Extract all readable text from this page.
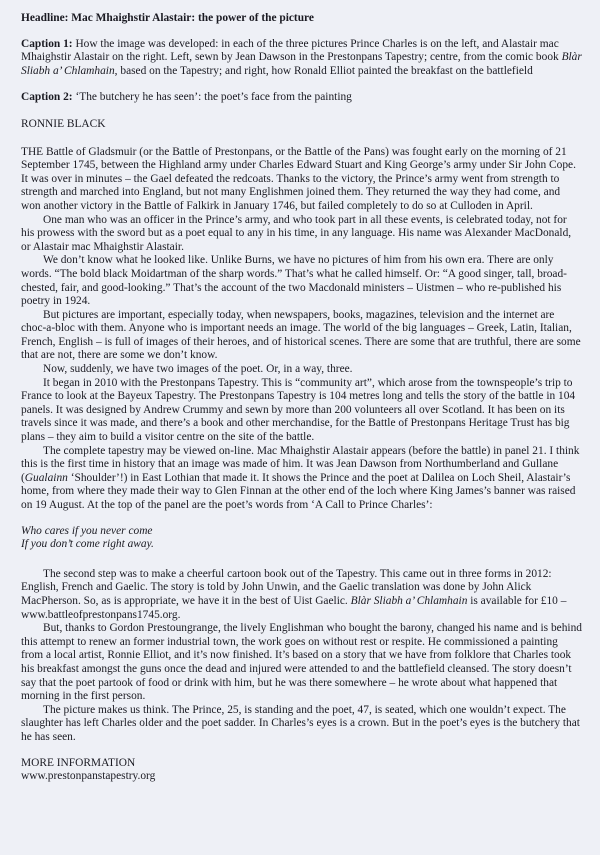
Headline: Mac Mhaighstir Alastair: the power of the picture
Caption 1: How the image was developed: in each of the three pictures Prince Charles is on the left, and Alastair mac Mhaighstir Alastair on the right. Left, sewn by Jean Dawson in the Prestonpans Tapestry; centre, from the comic book Blàr Sliabh a’ Chlamhain, based on the Tapestry; and right, how Ronald Elliot painted the breakfast on the battlefield
Caption 2: ‘The butchery he has seen’: the poet’s face from the painting
RONNIE BLACK

THE Battle of Gladsmuir (or the Battle of Prestonpans, or the Battle of the Pans) was fought early on the morning of 21 September 1745, between the Highland army under Charles Edward Stuart and King George’s army under Sir John Cope. It was over in minutes – the Gael defeated the redcoats. Thanks to the victory, the Prince’s army went from strength to strength and marched into England, but not many Englishmen joined them. They returned the way they had come, and won another victory in the Battle of Falkirk in January 1746, but failed completely to do so at Culloden in April.

One man who was an officer in the Prince’s army, and who took part in all these events, is celebrated today, not for his prowess with the sword but as a poet equal to any in his time, in any language. His name was Alexander MacDonald, or Alastair mac Mhaighstir Alastair.

We don’t know what he looked like. Unlike Burns, we have no pictures of him from his own era. There are only words. “The bold black Moidartman of the sharp words.” That’s what he called himself. Or: “A good singer, tall, broad-chested, fair, and good-looking.” That’s the account of the two Macdonald ministers – Uistmen – who re-published his poetry in 1924.

But pictures are important, especially today, when newspapers, books, magazines, television and the internet are choc-a-bloc with them. Anyone who is important needs an image. The world of the big languages – Greek, Latin, Italian, French, English – is full of images of their heroes, and of historical scenes. There are some that are truthful, there are some that are not, there are some we don’t know.

Now, suddenly, we have two images of the poet. Or, in a way, three.

It began in 2010 with the Prestonpans Tapestry. This is “community art”, which arose from the townspeople’s trip to France to look at the Bayeux Tapestry. The Prestonpans Tapestry is 104 metres long and tells the story of the battle in 104 panels. It was designed by Andrew Crummy and sewn by more than 200 volunteers all over Scotland. It has been on its travels since it was made, and there’s a book and other merchandise, for the Battle of Prestonpans Heritage Trust has big plans – they aim to build a visitor centre on the site of the battle.

The complete tapestry may be viewed on-line. Mac Mhaighstir Alastair appears (before the battle) in panel 21. I think this is the first time in history that an image was made of him. It was Jean Dawson from Northumberland and Gullane (Gualainn ‘Shoulder’!) in East Lothian that made it. It shows the Prince and the poet at Dalilea on Loch Sheil, Alastair’s home, from where they made their way to Glen Finnan at the other end of the loch where King James’s banner was raised on 19 August. At the top of the panel are the poet’s words from ‘A Call to Prince Charles’:

Who cares if you never come
If you don’t come right away.

The second step was to make a cheerful cartoon book out of the Tapestry. This came out in three forms in 2012: English, French and Gaelic. The story is told by John Unwin, and the Gaelic translation was done by John Alick MacPherson. So, as is appropriate, we have it in the best of Uist Gaelic. Blàr Sliabh a’ Chlamhain is available for £10 – www.battleofprestonpans1745.org.

But, thanks to Gordon Prestoungrange, the lively Englishman who bought the barony, changed his name and is behind this attempt to renew an former industrial town, the work goes on without rest or respite. He commissioned a painting from a local artist, Ronnie Elliot, and it’s now finished. It’s based on a story that we have from folklore that Charles took his breakfast amongst the guns once the dead and injured were attended to and the battlefield cleansed. The story doesn’t say that the poet partook of food or drink with him, but he was there somewhere – he wrote about what happened that morning in the first person.

The picture makes us think. The Prince, 25, is standing and the poet, 47, is seated, which one wouldn’t expect. The slaughter has left Charles older and the poet sadder. In Charles’s eyes is a crown. But in the poet’s eyes is the butchery that he has seen.

MORE INFORMATION
www.prestonpanstapestry.org
